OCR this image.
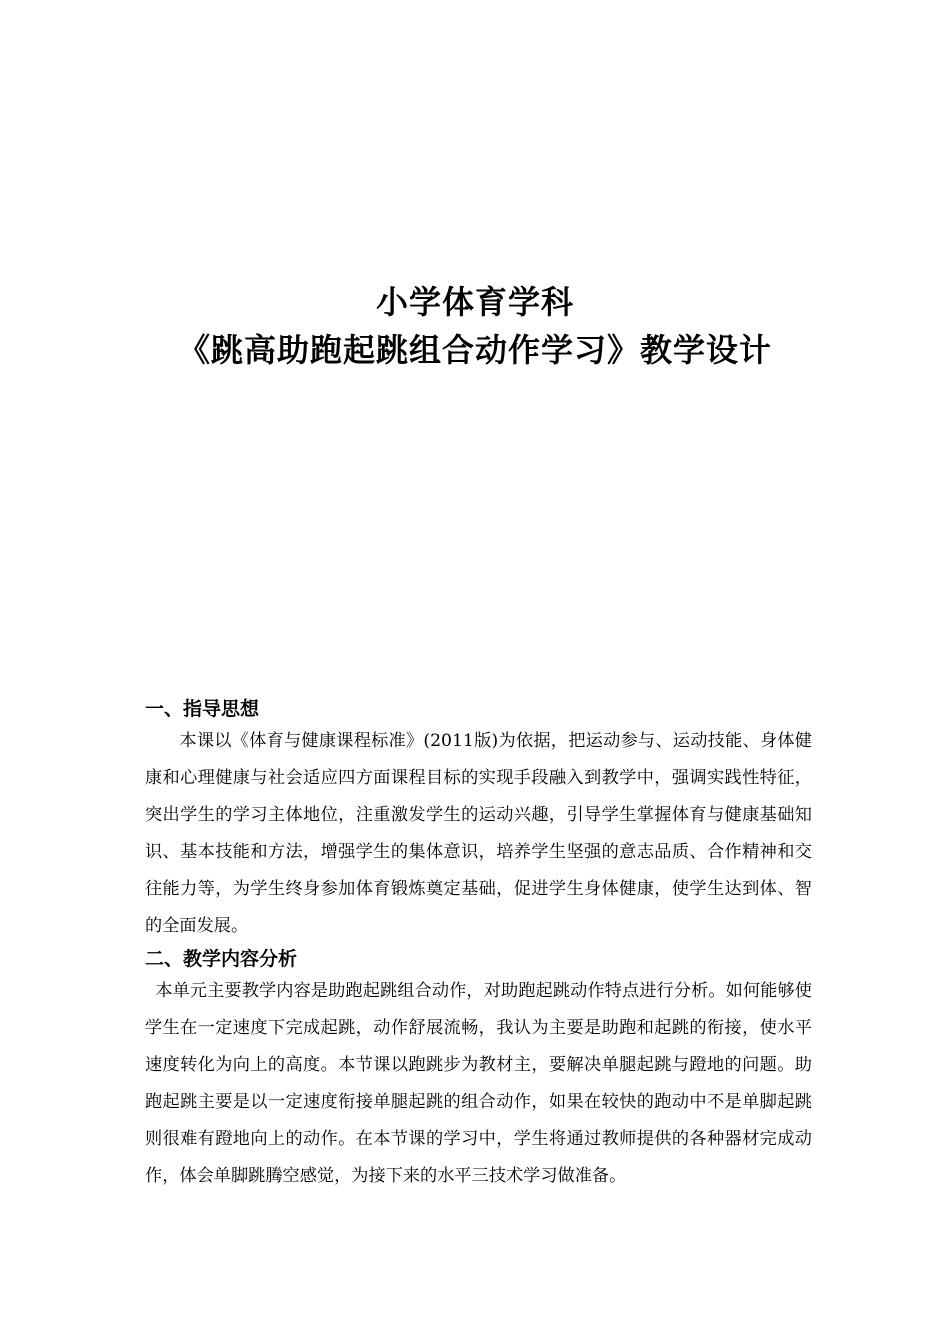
小学体育学科
《跳高助跑起跳组合动作学习》教学设计
一、指导思想

本课以《体育与健康课程标准》(2011版)为依据，把运动参与、运动技能、身体健康和心理健康与社会适应四方面课程目标的实现手段融入到教学中，强调实践性特征，突出学生的学习主体地位，注重激发学生的运动兴趣，引导学生掌握体育与健康基础知识、基本技能和方法，增强学生的集体意识，培养学生坚强的意志品质、合作精神和交往能力等，为学生终身参加体育锻炼奠定基础，促进学生身体健康，使学生达到体、智的全面发展。

二、教学内容分析

本单元主要教学内容是助跑起跳组合动作，对助跑起跳动作特点进行分析。如何能够使学生在一定速度下完成起跳，动作舒展流畅，我认为主要是助跑和起跳的衔接，使水平速度转化为向上的高度。本节课以跑跳步为教材主，要解决单腿起跳与蹬地的问题。助跑起跳主要是以一定速度衔接单腿起跳的组合动作，如果在较快的跑动中不是单脚起跳则很难有蹬地向上的动作。在本节课的学习中，学生将通过教师提供的各种器材完成动作，体会单脚跳腾空感觉，为接下来的水平三技术学习做准备。
